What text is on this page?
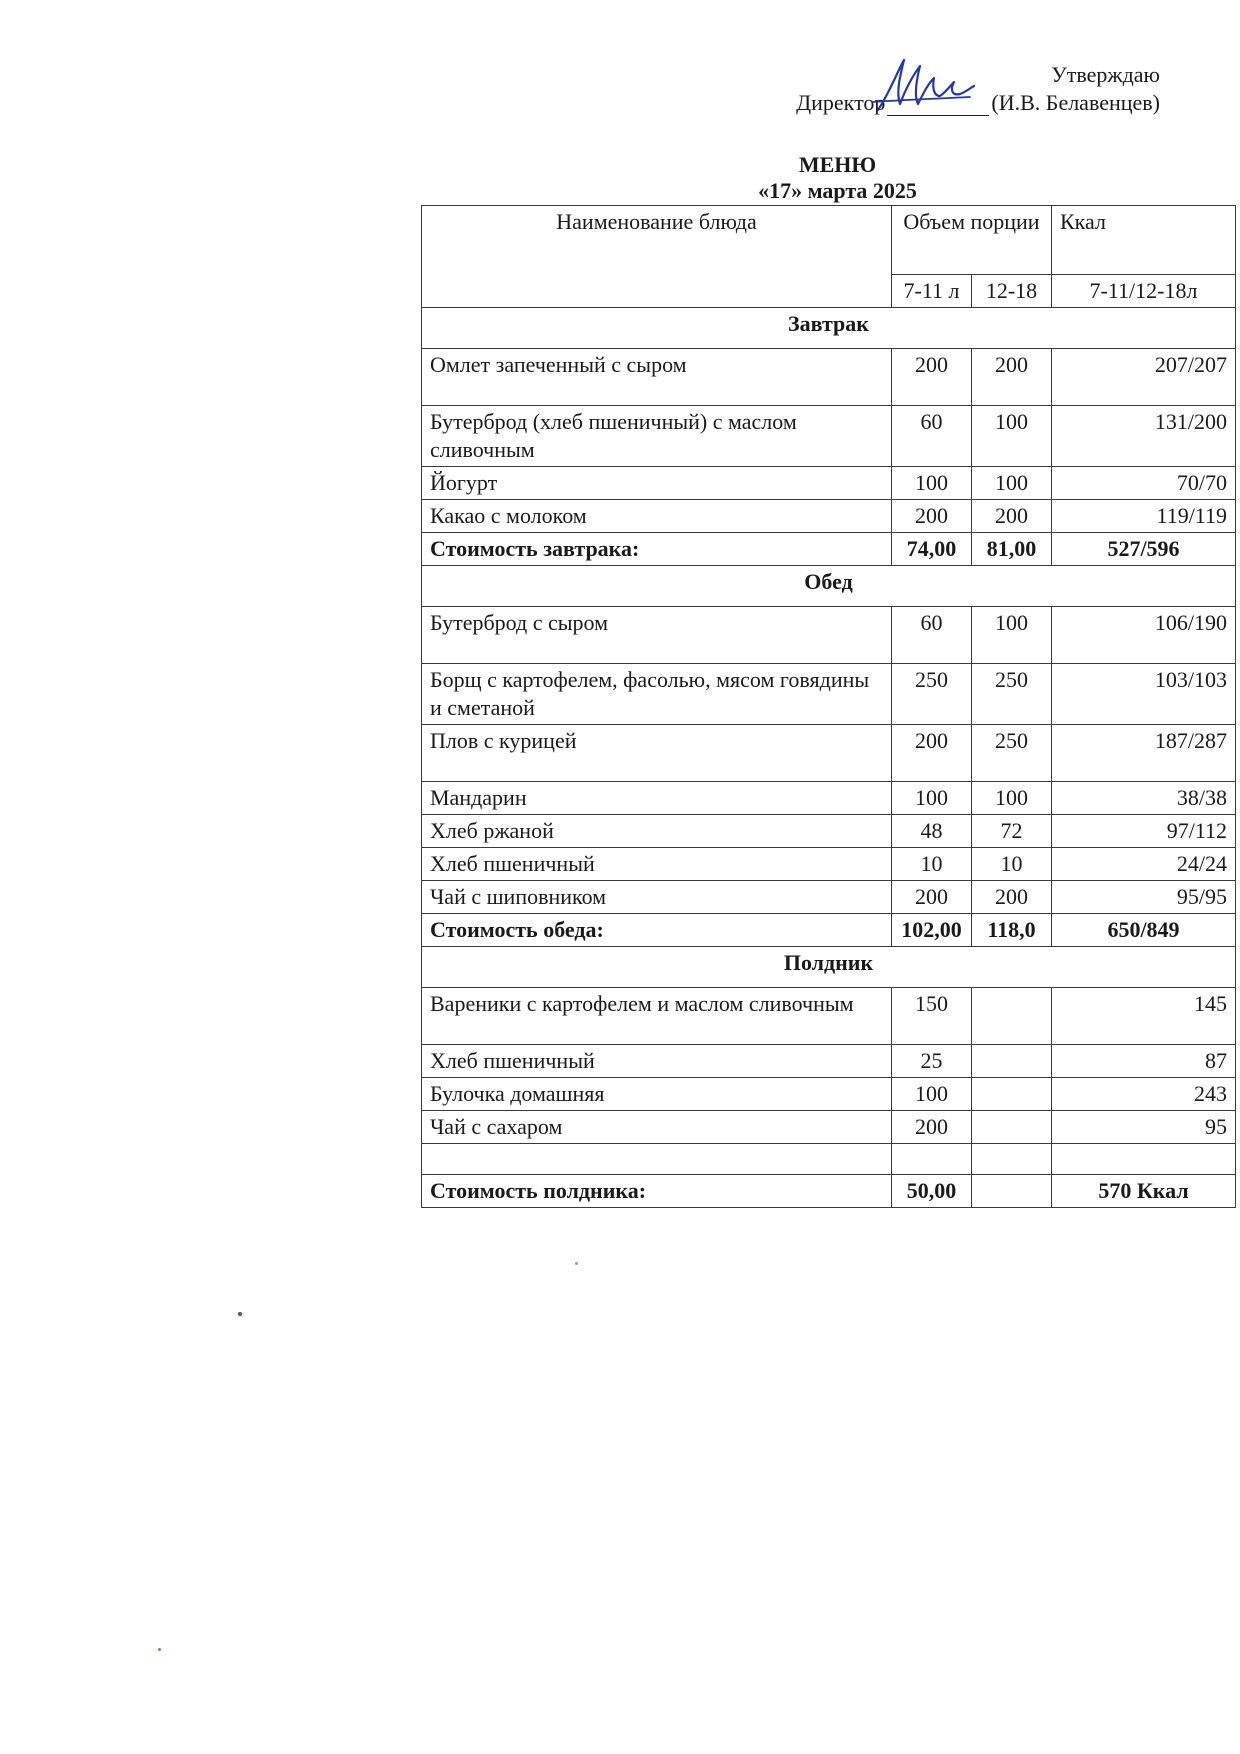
Утверждаю
Директор	(И.В. Белавенцев)
МЕНЮ
«17» марта 2025
Наименование блюда	Объем порции		Ккал
	7-11 л	12-18	7-11/12-18л
Завтрак			
Омлет запеченный с сыром	200	200	207/207
Бутерброд (хлеб пшеничный) с маслом сливочным	60	100	131/200
Йогурт	100	100	70/70
Какао с молоком	200	200	119/119
Стоимость завтрака:	74,00	81,00	527/596
Обед			
Бутерброд с сыром	60	100	106/190
Борщ с картофелем, фасолью, мясом говядины и сметаной	250	250	103/103
Плов с курицей	200	250	187/287
Мандарин	100	100	38/38
Хлеб ржаной	48	72	97/112
Хлеб пшеничный	10	10	24/24
Чай с шиповником	200	200	95/95
Стоимость обеда:	102,00	118,0	650/849
Полдник			
Вареники с картофелем и маслом сливочным	150		145
Хлеб пшеничный	25		87
Булочка домашняя	100		243
Чай с сахаром	200		95

Стоимость полдника:	50,00		570 Ккал
